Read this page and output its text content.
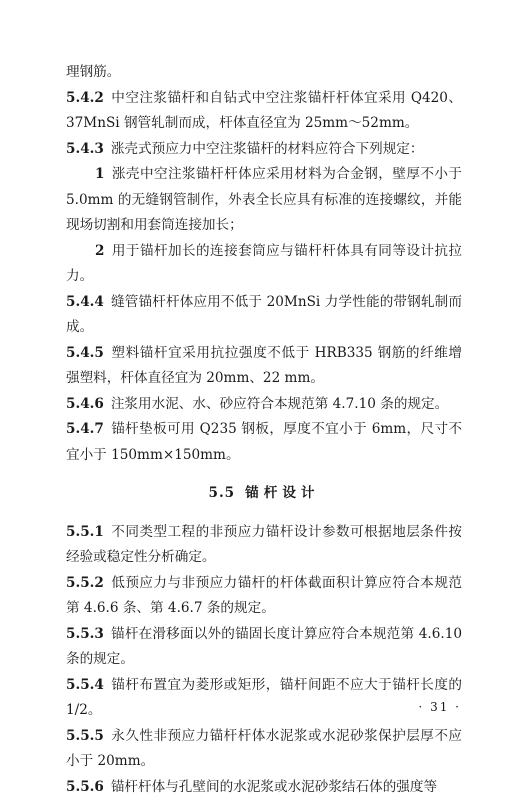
理钢筋。

5.4.2 中空注浆锚杆和自钻式中空注浆锚杆杆体宜采用 Q420、37MnSi 钢管轧制而成，杆体直径宜为 25mm～52mm。

5.4.3 涨壳式预应力中空注浆锚杆的材料应符合下列规定：

1 涨壳中空注浆锚杆杆体应采用材料为合金钢，壁厚不小于 5.0mm 的无缝钢管制作，外表全长应具有标准的连接螺纹，并能现场切割和用套筒连接加长；

2 用于锚杆加长的连接套筒应与锚杆杆体具有同等设计抗拉力。

5.4.4 缝管锚杆杆体应用不低于 20MnSi 力学性能的带钢轧制而成。

5.4.5 塑料锚杆宜采用抗拉强度不低于 HRB335 钢筋的纤维增强塑料，杆体直径宜为 20mm、22 mm。

5.4.6 注浆用水泥、水、砂应符合本规范第 4.7.10 条的规定。

5.4.7 锚杆垫板可用 Q235 钢板，厚度不宜小于 6mm，尺寸不宜小于 150mm×150mm。

5.5 锚杆设计

5.5.1 不同类型工程的非预应力锚杆设计参数可根据地层条件按经验或稳定性分析确定。

5.5.2 低预应力与非预应力锚杆的杆体截面积计算应符合本规范第 4.6.6 条、第 4.6.7 条的规定。

5.5.3 锚杆在滑移面以外的锚固长度计算应符合本规范第 4.6.10 条的规定。

5.5.4 锚杆布置宜为菱形或矩形，锚杆间距不应大于锚杆长度的 1/2。

5.5.5 永久性非预应力锚杆杆体水泥浆或水泥砂浆保护层厚不应小于 20mm。

5.5.6 锚杆杆体与孔壁间的水泥浆或水泥砂浆结石体的强度等

· 31 ·
